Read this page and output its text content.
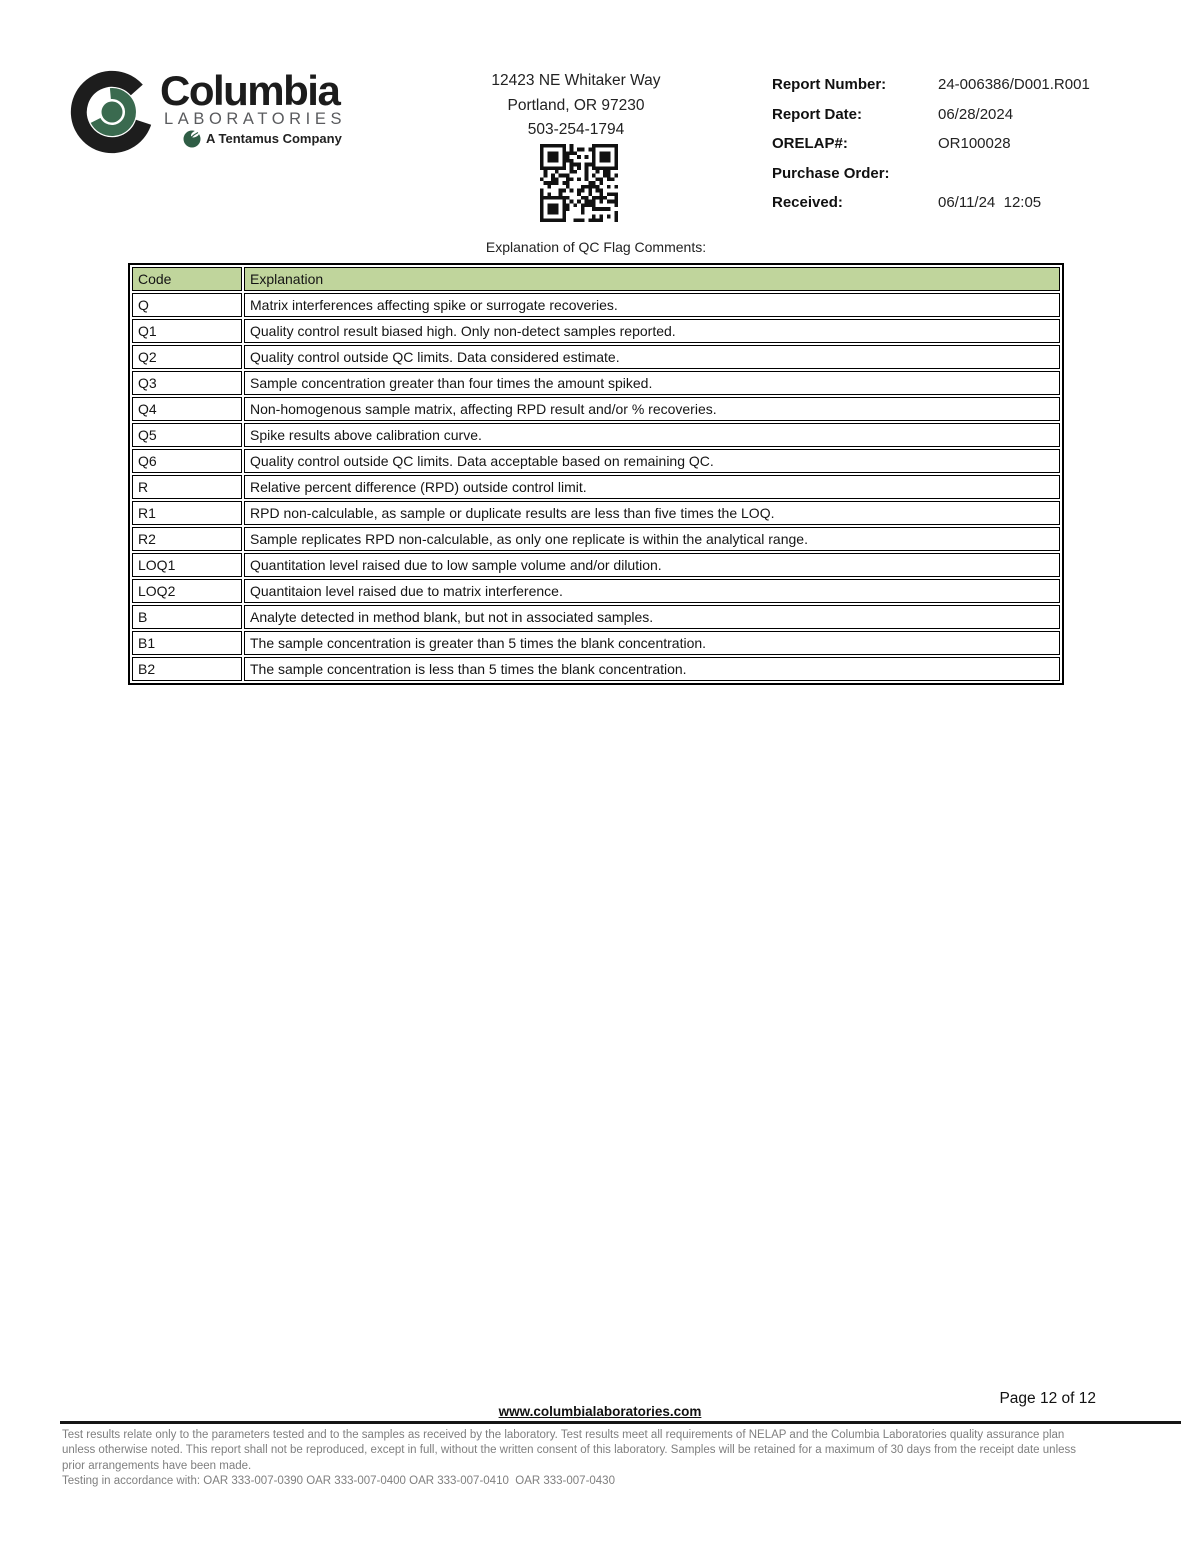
Columbia
LABORATORIES
A Tentamus Company
12423 NE Whitaker Way
Portland, OR 97230
503-254-1794
Report Number:	24-006386/D001.R001
Report Date:	06/28/2024
ORELAP#:	OR100028
Purchase Order:
Received:	06/11/24  12:05
Explanation of QC Flag Comments:
Code	Explanation
Q	Matrix interferences affecting spike or surrogate recoveries.
Q1	Quality control result biased high. Only non-detect samples reported.
Q2	Quality control outside QC limits. Data considered estimate.
Q3	Sample concentration greater than four times the amount spiked.
Q4	Non-homogenous sample matrix, affecting RPD result and/or % recoveries.
Q5	Spike results above calibration curve.
Q6	Quality control outside QC limits. Data acceptable based on remaining QC.
R	Relative percent difference (RPD) outside control limit.
R1	RPD non-calculable, as sample or duplicate results are less than five times the LOQ.
R2	Sample replicates RPD non-calculable, as only one replicate is within the analytical range.
LOQ1	Quantitation level raised due to low sample volume and/or dilution.
LOQ2	Quantitaion level raised due to matrix interference.
B	Analyte detected in method blank, but not in associated samples.
B1	The sample concentration is greater than 5 times the blank concentration.
B2	The sample concentration is less than 5 times the blank concentration.
Page 12 of 12
www.columbialaboratories.com
Test results relate only to the parameters tested and to the samples as received by the laboratory. Test results meet all requirements of NELAP and the Columbia Laboratories quality assurance plan
unless otherwise noted. This report shall not be reproduced, except in full, without the written consent of this laboratory. Samples will be retained for a maximum of 30 days from the receipt date unless
prior arrangements have been made.
Testing in accordance with: OAR 333-007-0390 OAR 333-007-0400 OAR 333-007-0410  OAR 333-007-0430
